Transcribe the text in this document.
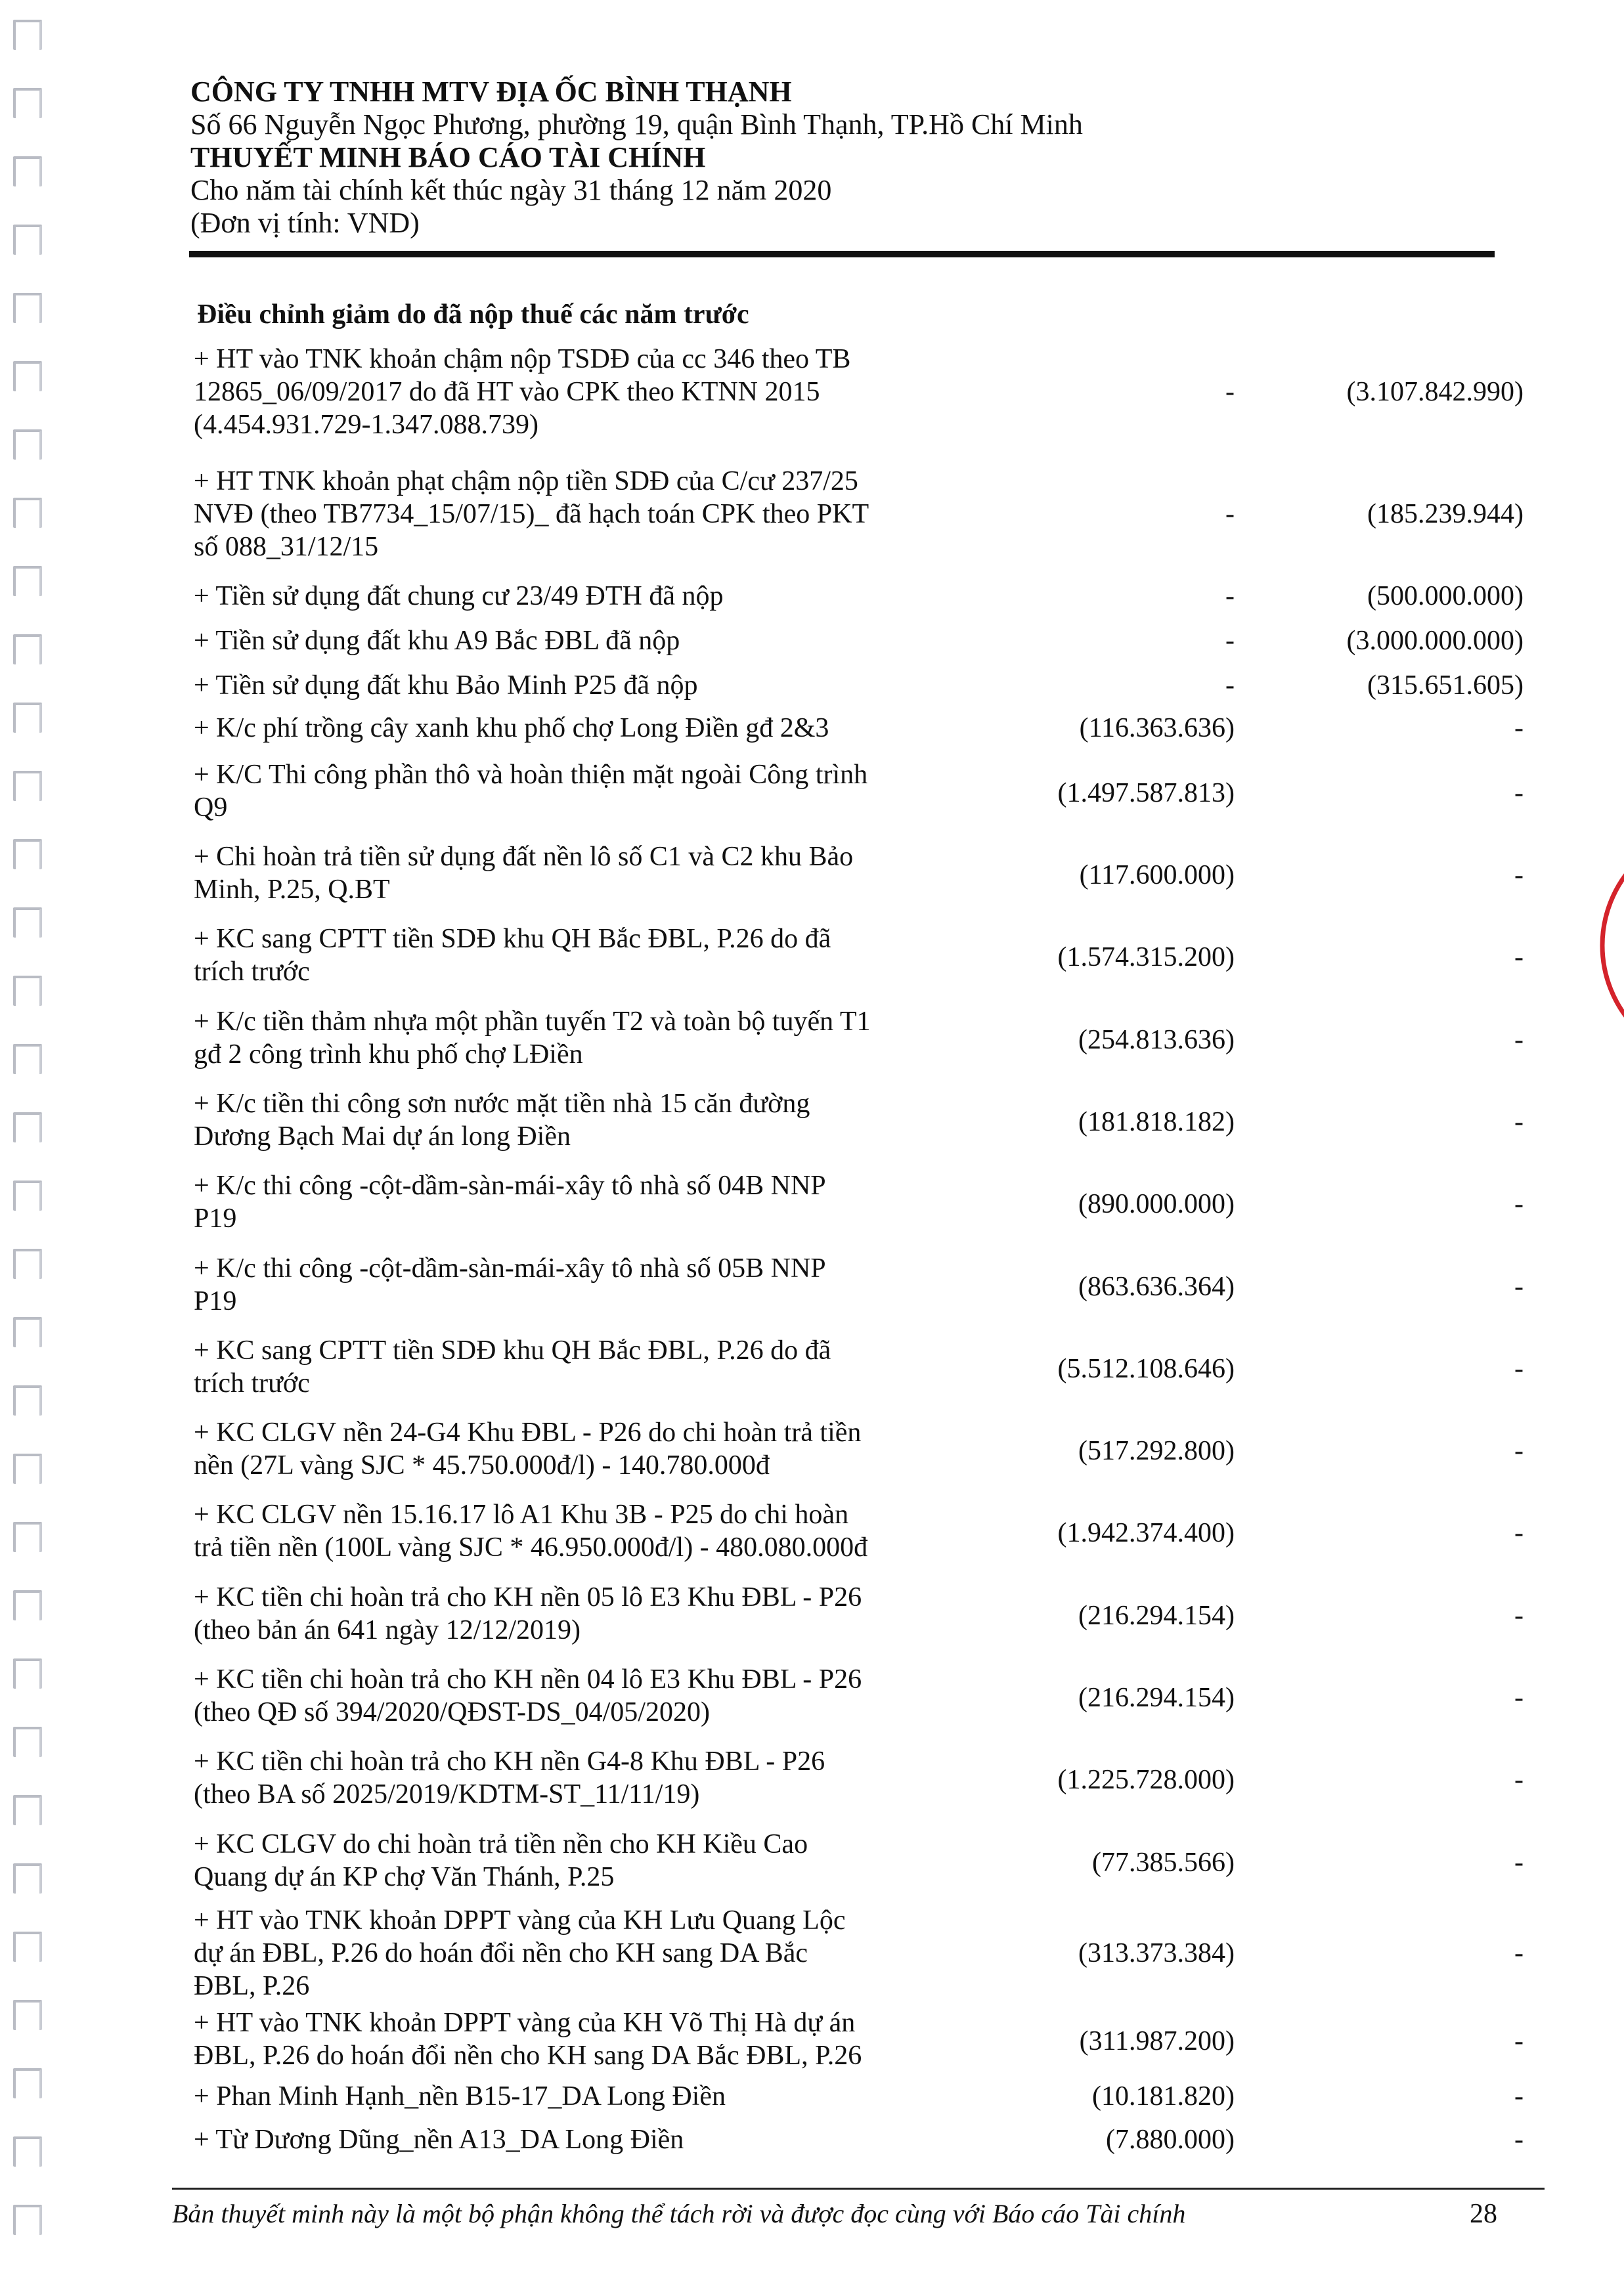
CÔNG TY TNHH MTV ĐỊA ỐC BÌNH THẠNH
Số 66 Nguyễn Ngọc Phương, phường 19, quận Bình Thạnh, TP.Hồ Chí Minh
THUYẾT MINH BÁO CÁO TÀI CHÍNH
Cho năm tài chính kết thúc ngày 31 tháng 12 năm 2020
(Đơn vị tính: VND)
Điều chỉnh giảm do đã nộp thuế các năm trước
+ HT vào TNK khoản chậm nộp TSDĐ của cc 346 theo TB
12865_06/09/2017 do đã HT vào CPK theo KTNN 2015
(4.454.931.729-1.347.088.739)
-	(3.107.842.990)
+ HT TNK khoản phạt chậm nộp tiền SDĐ của C/cư 237/25
NVĐ (theo TB7734_15/07/15)_ đã hạch toán CPK theo PKT
số 088_31/12/15
-	(185.239.944)
+ Tiền sử dụng đất chung cư 23/49 ĐTH đã nộp	-	(500.000.000)
+ Tiền sử dụng đất khu A9 Bắc ĐBL đã nộp	-	(3.000.000.000)
+ Tiền sử dụng đất khu Bảo Minh P25 đã nộp	-	(315.651.605)
+ K/c phí trồng cây xanh khu phố chợ Long Điền gđ 2&3	(116.363.636)	-
+ K/C Thi công phần thô và hoàn thiện mặt ngoài Công trình
Q9	(1.497.587.813)	-
+ Chi hoàn trả tiền sử dụng đất nền lô số C1 và C2 khu Bảo
Minh, P.25, Q.BT	(117.600.000)	-
+ KC sang CPTT tiền SDĐ khu QH Bắc ĐBL, P.26 do đã
trích trước	(1.574.315.200)	-
+ K/c tiền thảm nhựa một phần tuyến T2 và toàn bộ tuyến T1
gđ 2 công trình khu phố chợ LĐiền	(254.813.636)	-
+ K/c tiền thi công sơn nước mặt tiền nhà 15 căn đường
Dương Bạch Mai dự án long Điền	(181.818.182)	-
+ K/c thi công -cột-dầm-sàn-mái-xây tô nhà số 04B NNP
P19	(890.000.000)	-
+ K/c thi công -cột-dầm-sàn-mái-xây tô nhà số 05B NNP
P19	(863.636.364)	-
+ KC sang CPTT tiền SDĐ khu QH Bắc ĐBL, P.26 do đã
trích trước	(5.512.108.646)	-
+ KC CLGV nền 24-G4 Khu ĐBL - P26 do chi hoàn trả tiền
nền (27L vàng SJC * 45.750.000đ/l) - 140.780.000đ	(517.292.800)	-
+ KC CLGV nền 15.16.17 lô A1 Khu 3B - P25 do chi hoàn
trả tiền nền (100L vàng SJC * 46.950.000đ/l) - 480.080.000đ	(1.942.374.400)	-
+ KC tiền chi hoàn trả cho KH nền 05 lô E3 Khu ĐBL - P26
(theo bản án 641 ngày 12/12/2019)	(216.294.154)	-
+ KC tiền chi hoàn trả cho KH nền 04 lô E3 Khu ĐBL - P26
(theo QĐ số 394/2020/QĐST-DS_04/05/2020)	(216.294.154)	-
+ KC tiền chi hoàn trả cho KH nền G4-8 Khu ĐBL - P26
(theo BA số 2025/2019/KDTM-ST_11/11/19)	(1.225.728.000)	-
+ KC CLGV do chi hoàn trả tiền nền cho KH Kiều Cao
Quang dự án KP chợ Văn Thánh, P.25	(77.385.566)	-
+ HT vào TNK khoản DPPT vàng của KH Lưu Quang Lộc
dự án ĐBL, P.26 do hoán đổi nền cho KH sang DA Bắc
ĐBL, P.26
(313.373.384)	-
+ HT vào TNK khoản DPPT vàng của KH Võ Thị Hà dự án
ĐBL, P.26 do hoán đổi nền cho KH sang DA Bắc ĐBL, P.26	(311.987.200)	-
+ Phan Minh Hạnh_nền B15-17_DA Long Điền	(10.181.820)	-
+ Từ Dương Dũng_nền A13_DA Long Điền	(7.880.000)	-
Bản thuyết minh này là một bộ phận không thể tách rời và được đọc cùng với Báo cáo Tài chính	28
